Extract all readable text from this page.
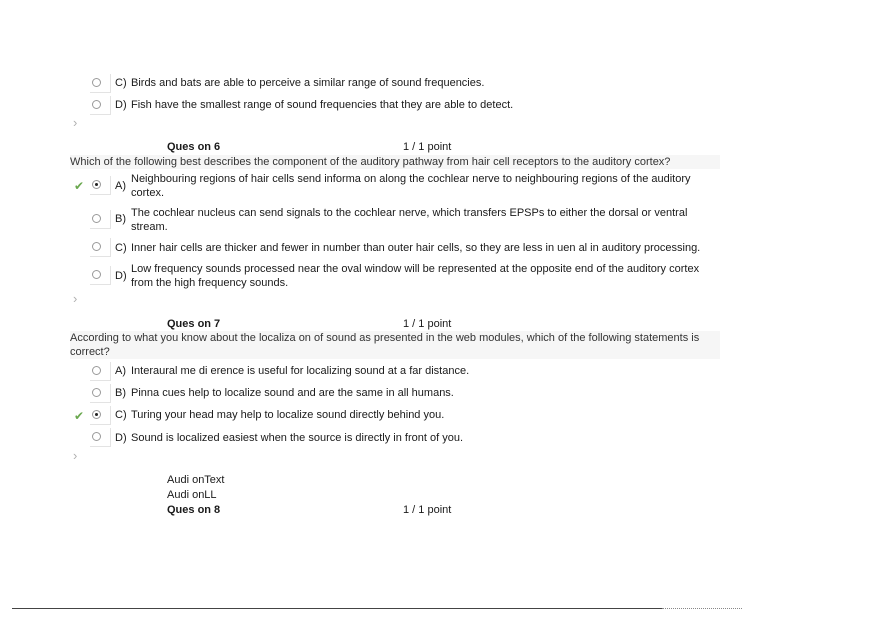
C) Birds and bats are able to perceive a similar range of sound frequencies.
D) Fish have the smallest range of sound frequencies that they are able to detect.
›
Ques on 6	1 / 1 point
Which of the following best describes the component of the auditory pathway from hair cell receptors to the auditory cortex?
✔	A)
Neighbouring regions of hair cells send informa on along the cochlear nerve to neighbouring regions of the auditory cortex.
B) The cochlear nucleus can send signals to the cochlear nerve, which transfers EPSPs to either the dorsal or ventral stream.
C) Inner hair cells are thicker and fewer in number than outer hair cells, so they are less in uen al in auditory processing.
D)
Low frequency sounds processed near the oval window will be represented at the opposite end of the auditory cortex from the high frequency sounds.
›
Ques on 7	1 / 1 point
According to what you know about the localiza on of sound as presented in the web modules, which of the following statements is correct?
A) Interaural me di erence is useful for localizing sound at a far distance.
B) Pinna cues help to localize sound and are the same in all humans.
✔	C) Turing your head may help to localize sound directly behind you.
D) Sound is localized easiest when the source is directly in front of you.
›
Audi onText
Audi onLL
Ques on 8	1 / 1 point
